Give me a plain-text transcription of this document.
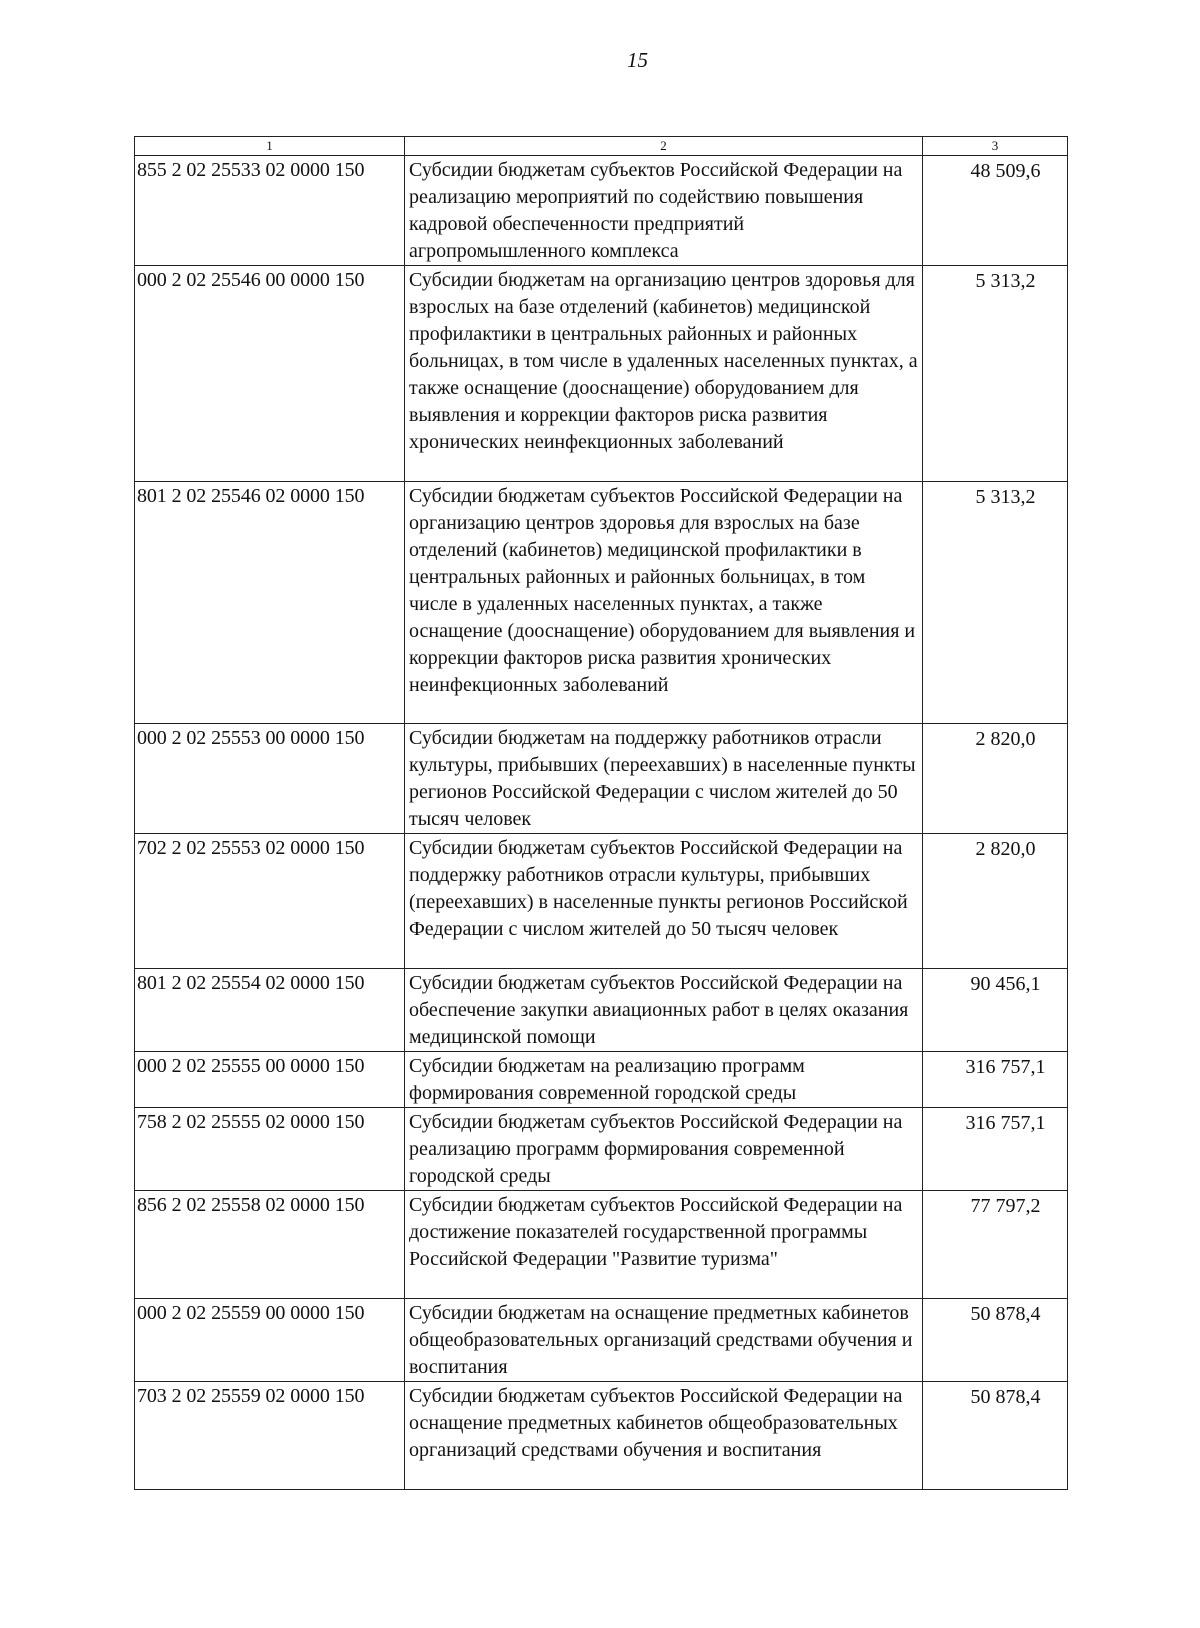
15
1	2	3
855 2 02 25533 02 0000 150	Субсидии бюджетам субъектов Российской Федерации на реализацию мероприятий по содействию повышения кадровой обеспеченности предприятий агропромышленного комплекса	48 509,6
000 2 02 25546 00 0000 150	Субсидии бюджетам на организацию центров здоровья для взрослых на базе отделений (кабинетов) медицинской профилактики в центральных районных и районных больницах, в том числе в удаленных населенных пунктах, а также оснащение (дооснащение) оборудованием для выявления и коррекции факторов риска развития хронических неинфекционных заболеваний	5 313,2
801 2 02 25546 02 0000 150	Субсидии бюджетам субъектов Российской Федерации на организацию центров здоровья для взрослых на базе отделений (кабинетов) медицинской профилактики в центральных районных и районных больницах, в том числе в удаленных населенных пунктах, а также оснащение (дооснащение) оборудованием для выявления и коррекции факторов риска развития хронических неинфекционных заболеваний	5 313,2
000 2 02 25553 00 0000 150	Субсидии бюджетам на поддержку работников отрасли культуры, прибывших (переехавших) в населенные пункты регионов Российской Федерации с числом жителей до 50 тысяч человек	2 820,0
702 2 02 25553 02 0000 150	Субсидии бюджетам субъектов Российской Федерации на поддержку работников отрасли культуры, прибывших (переехавших) в населенные пункты регионов Российской Федерации с числом жителей до 50 тысяч человек	2 820,0
801 2 02 25554 02 0000 150	Субсидии бюджетам субъектов Российской Федерации на обеспечение закупки авиационных работ в целях оказания медицинской помощи	90 456,1
000 2 02 25555 00 0000 150	Субсидии бюджетам на реализацию программ формирования современной городской среды	316 757,1
758 2 02 25555 02 0000 150	Субсидии бюджетам субъектов Российской Федерации на реализацию программ формирования современной городской среды	316 757,1
856 2 02 25558 02 0000 150	Субсидии бюджетам субъектов Российской Федерации на достижение показателей государственной программы Российской Федерации "Развитие туризма"	77 797,2
000 2 02 25559 00 0000 150	Субсидии бюджетам на оснащение предметных кабинетов общеобразовательных организаций средствами обучения и воспитания	50 878,4
703 2 02 25559 02 0000 150	Субсидии бюджетам субъектов Российской Федерации на оснащение предметных кабинетов общеобразовательных организаций средствами обучения и воспитания	50 878,4
